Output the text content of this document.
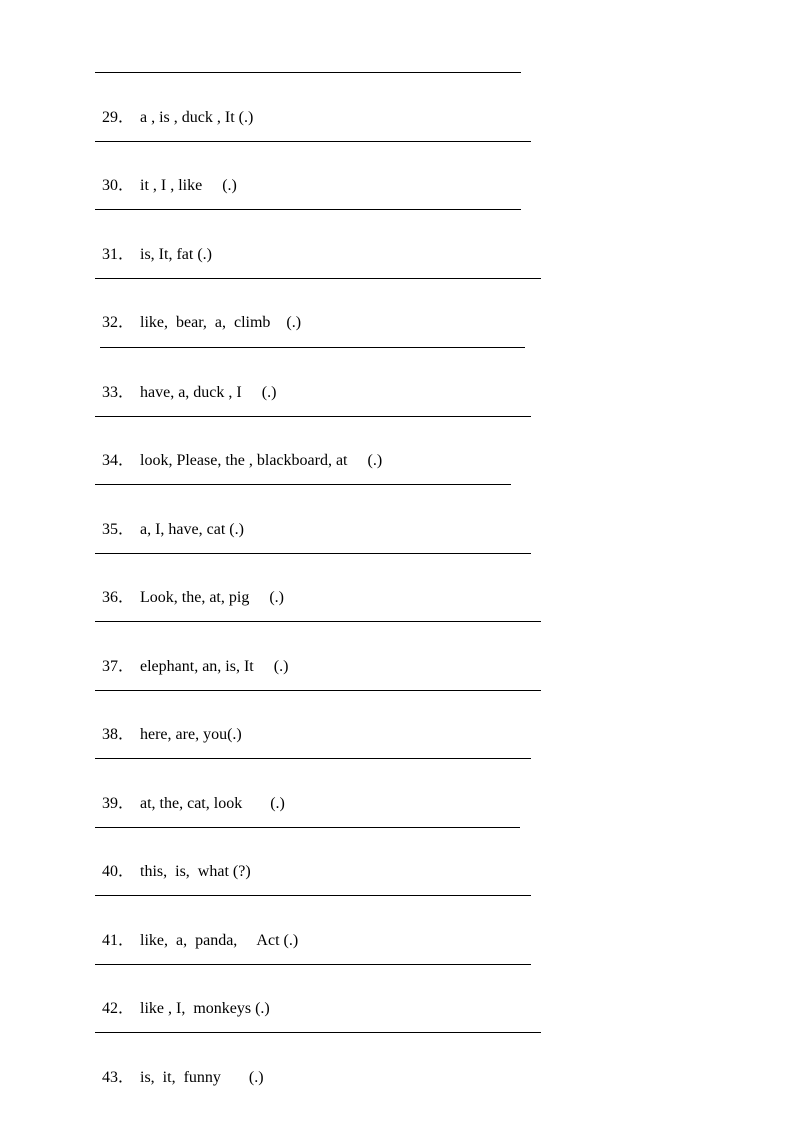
29． a , is , duck , It (.)

30． it , I , like     (.)

31． is, It, fat (.)

32． like,  bear,  a,  climb    (.)

33． have, a, duck , I     (.)

34． look, Please, the , blackboard, at     (.)

35． a, I, have, cat (.)

36． Look, the, at, pig     (.)

37． elephant, an, is, It     (.)

38． here, are, you(.)

39． at, the, cat, look       (.)

40． this,  is,  what (?)

41． like,  a,  panda,     Act (.)

42． like , I,  monkeys (.)

43． is,  it,  funny       (.)
